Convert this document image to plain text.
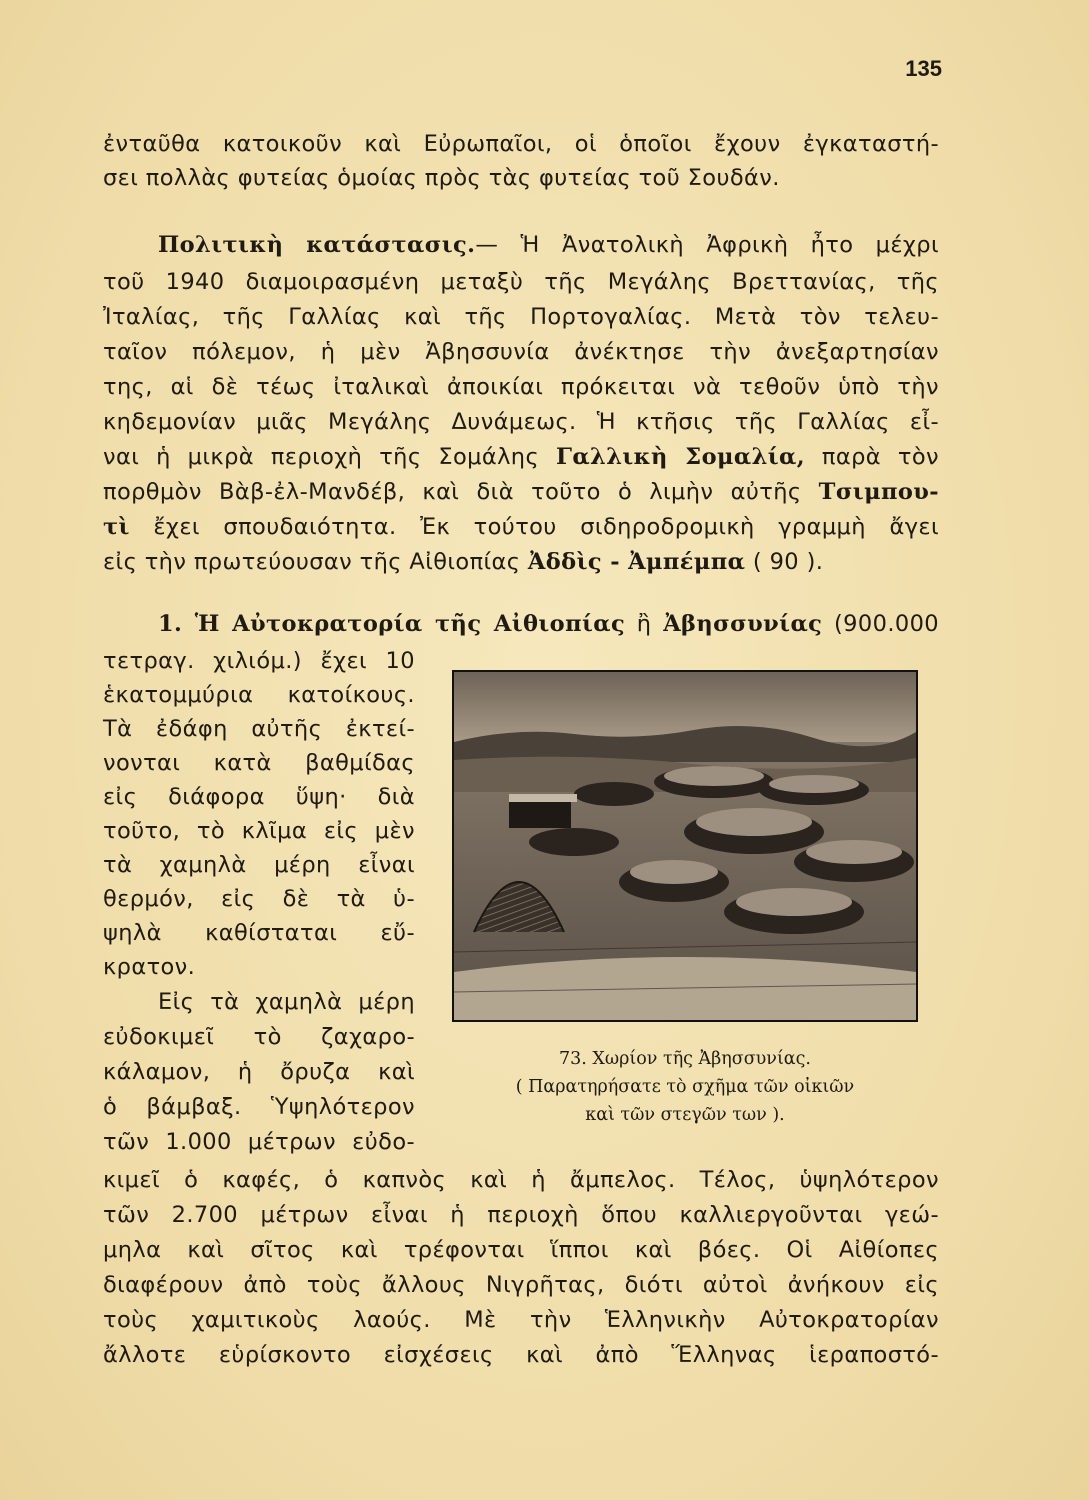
135
ἐνταῦθα κατοικοῦν καὶ Εὐρωπαῖοι, οἱ ὁποῖοι ἔχουν ἐγκαταστή-
σει πολλὰς φυτείας ὁμοίας πρὸς τὰς φυτείας τοῦ Σουδάν.
Πολιτικὴ κατάστασις.— Ἡ Ἀνατολικὴ Ἀφρικὴ ἦτο μέχρι
τοῦ 1940 διαμοιρασμένη μεταξὺ τῆς Μεγάλης Βρεττανίας, τῆς
Ἰταλίας, τῆς Γαλλίας καὶ τῆς Πορτογαλίας. Μετὰ τὸν τελευ-
ταῖον πόλεμον, ἡ μὲν Ἀβησσυνία ἀνέκτησε τὴν ἀνεξαρτησίαν
της, αἱ δὲ τέως ἰταλικαὶ ἀποικίαι πρόκειται νὰ τεθοῦν ὑπὸ τὴν
κηδεμονίαν μιᾶς Μεγάλης Δυνάμεως. Ἡ κτῆσις τῆς Γαλλίας εἶ-
ναι ἡ μικρὰ περιοχὴ τῆς Σομάλης Γαλλικὴ Σομαλία, παρὰ τὸν
πορθμὸν Βὰβ-ἐλ-Μανδέβ, καὶ διὰ τοῦτο ὁ λιμὴν αὐτῆς Τσιμπου-
τὶ ἔχει σπουδαιότητα. Ἐκ τούτου σιδηροδρομικὴ γραμμὴ ἄγει
εἰς τὴν πρωτεύουσαν τῆς Αἰθιοπίας Ἀδδὶς - Ἀμπέμπα ( 90 ).
1. Ἡ Αὐτοκρατορία τῆς Αἰθιοπίας ἢ Ἀβησσυνίας (900.000
τετραγ. χιλιόμ.) ἔχει 10
ἑκατομμύρια κατοίκους.
Τὰ ἐδάφη αὐτῆς ἐκτεί-
νονται κατὰ βαθμίδας
εἰς διάφορα ὕψη· διὰ
τοῦτο, τὸ κλῖμα εἰς μὲν
τὰ χαμηλὰ μέρη εἶναι
θερμόν, εἰς δὲ τὰ ὑ-
ψηλὰ καθίσταται εὔ-
κρατον.
Εἰς τὰ χαμηλὰ μέρη
εὐδοκιμεῖ τὸ ζαχαρο-
κάλαμον, ἡ ὄρυζα καὶ
ὁ βάμβαξ. Ὑψηλότερον
τῶν 1.000 μέτρων εὐδο-
κιμεῖ ὁ καφές, ὁ καπνὸς καὶ ἡ ἄμπελος. Τέλος, ὑψηλότερον
τῶν 2.700 μέτρων εἶναι ἡ περιοχὴ ὅπου καλλιεργοῦνται γεώ-
μηλα καὶ σῖτος καὶ τρέφονται ἵπποι καὶ βόες. Οἱ Αἰθίοπες
διαφέρουν ἀπὸ τοὺς ἄλλους Νιγρῆτας, διότι αὐτοὶ ἀνήκουν εἰς
τοὺς χαμιτικοὺς λαούς. Μὲ τὴν Ἑλληνικὴν Αὐτοκρατορίαν
ἄλλοτε εὑρίσκοντο εἰσχέσεις καὶ ἀπὸ Ἕλληνας ἱεραποστό-
73. Χωρίον τῆς Ἀβησσυνίας.
( Παρατηρήσατε τὸ σχῆμα τῶν οἰκιῶν
καὶ τῶν στεγῶν των ).
